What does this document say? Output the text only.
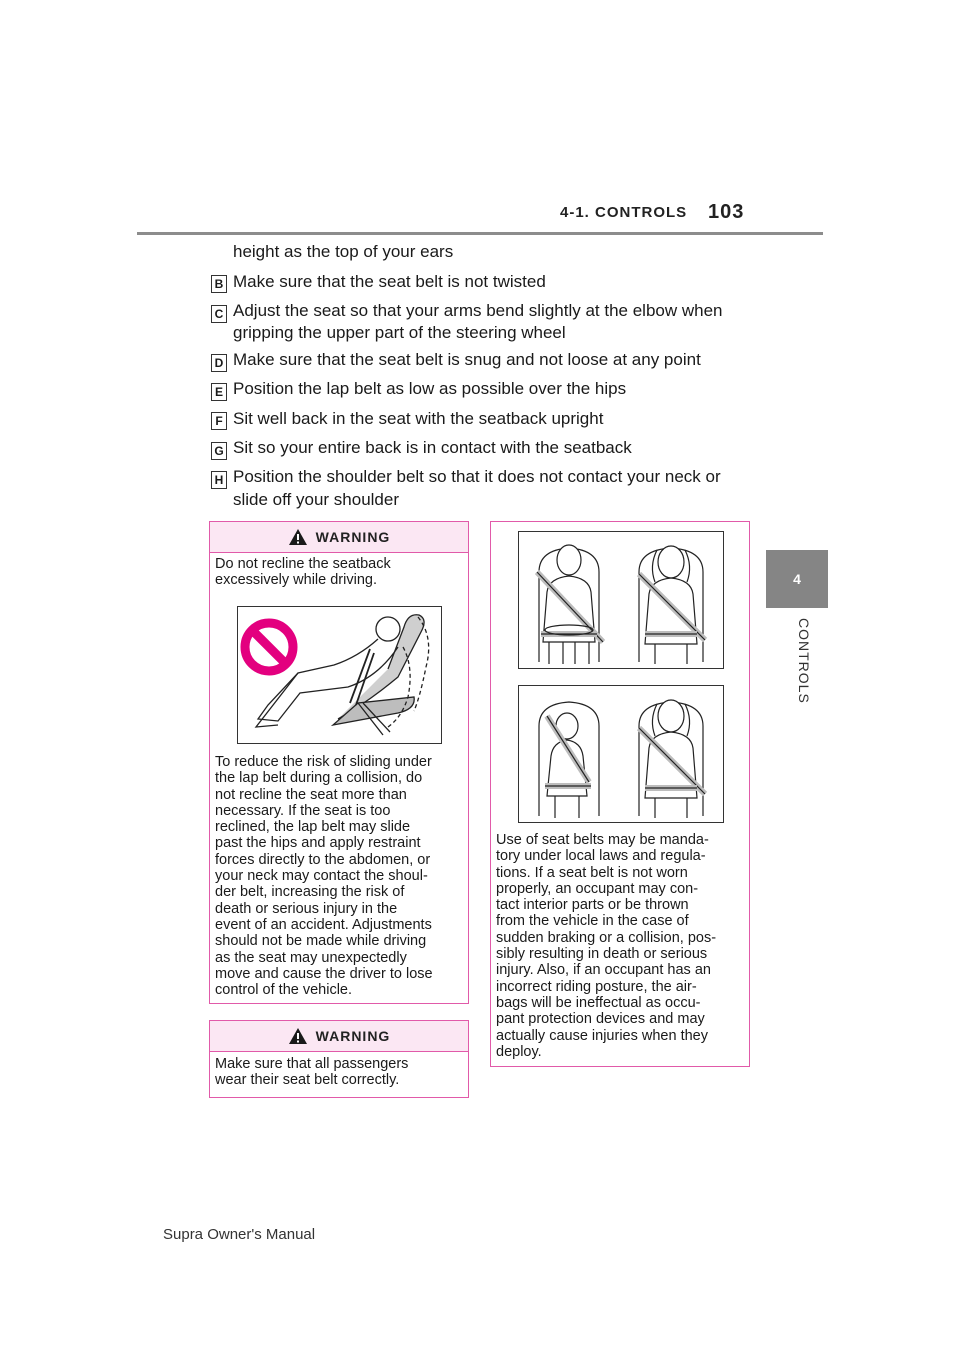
4-1. CONTROLS 103
4
CONTROLS
height as the top of your ears
B Make sure that the seat belt is not twisted
C Adjust the seat so that your arms bend slightly at the elbow when
gripping the upper part of the steering wheel
D Make sure that the seat belt is snug and not loose at any point
E Position the lap belt as low as possible over the hips
F Sit well back in the seat with the seatback upright
G Sit so your entire back is in contact with the seatback
H Position the shoulder belt so that it does not contact your neck or
slide off your shoulder
WARNING
Do not recline the seatback
excessively while driving.
To reduce the risk of sliding under
the lap belt during a collision, do
not recline the seat more than
necessary. If the seat is too
reclined, the lap belt may slide
past the hips and apply restraint
forces directly to the abdomen, or
your neck may contact the shoul-
der belt, increasing the risk of
death or serious injury in the
event of an accident. Adjustments
should not be made while driving
as the seat may unexpectedly
move and cause the driver to lose
control of the vehicle.
WARNING
Make sure that all passengers
wear their seat belt correctly.
Use of seat belts may be manda-
tory under local laws and regula-
tions. If a seat belt is not worn
properly, an occupant may con-
tact interior parts or be thrown
from the vehicle in the case of
sudden braking or a collision, pos-
sibly resulting in death or serious
injury. Also, if an occupant has an
incorrect riding posture, the air-
bags will be ineffectual as occu-
pant protection devices and may
actually cause injuries when they
deploy.
Supra Owner's Manual
